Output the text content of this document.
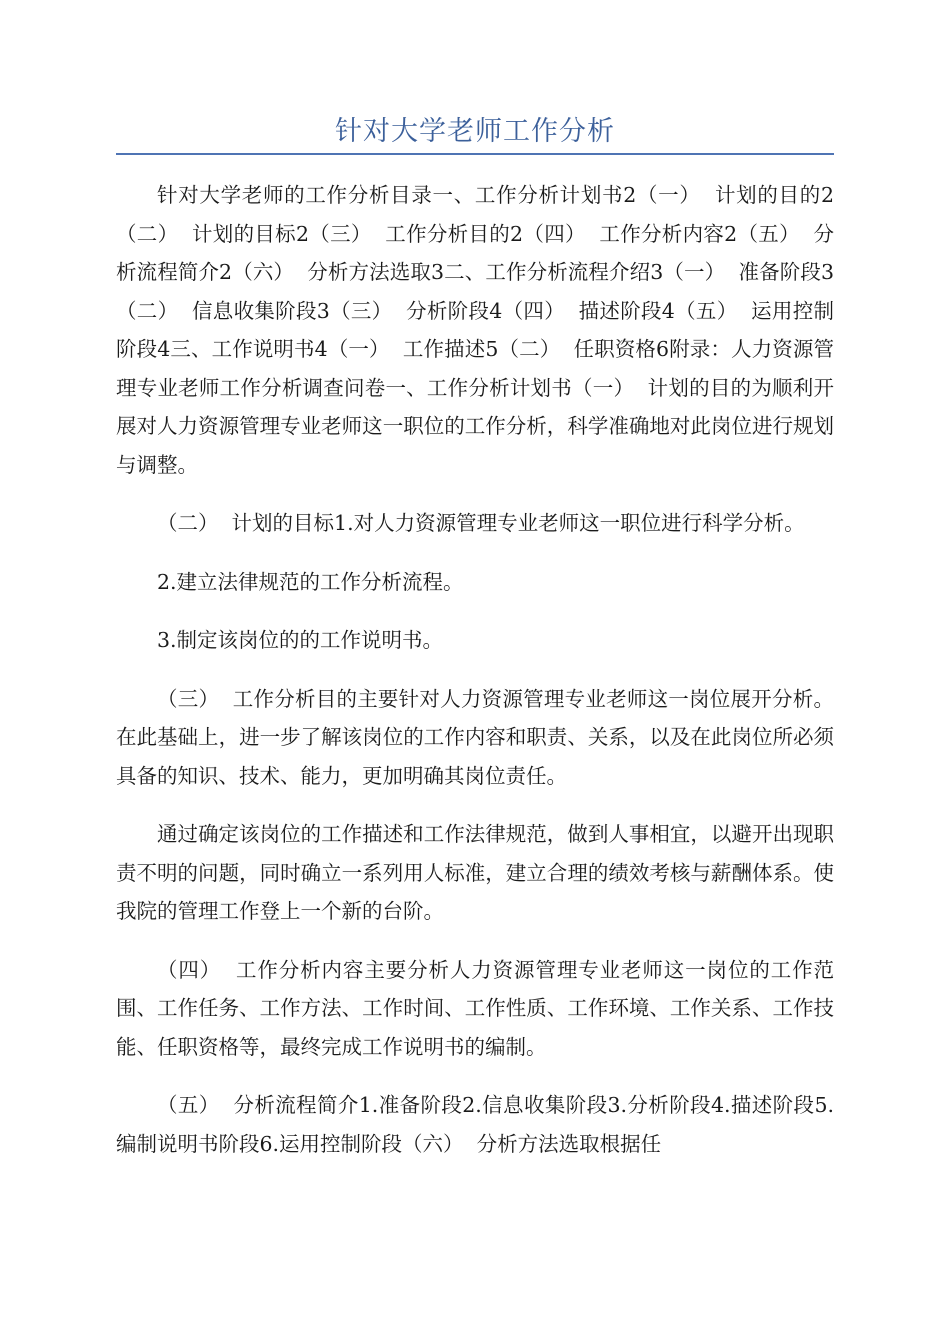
针对大学老师工作分析

针对大学老师的工作分析目录一、工作分析计划书2（一）  计划的目的2（二）  计划的目标2（三）  工作分析目的2（四）  工作分析内容2（五）  分析流程简介2（六）  分析方法选取3二、工作分析流程介绍3（一）  准备阶段3（二）  信息收集阶段3（三）  分析阶段4（四）  描述阶段4（五）  运用控制阶段4三、工作说明书4（一）  工作描述5（二）  任职资格6附录：人力资源管理专业老师工作分析调查问卷一、工作分析计划书（一）  计划的目的为顺利开展对人力资源管理专业老师这一职位的工作分析，科学准确地对此岗位进行规划与调整。

（二）  计划的目标1.对人力资源管理专业老师这一职位进行科学分析。

2.建立法律规范的工作分析流程。

3.制定该岗位的的工作说明书。

（三）  工作分析目的主要针对人力资源管理专业老师这一岗位展开分析。在此基础上，进一步了解该岗位的工作内容和职责、关系，以及在此岗位所必须具备的知识、技术、能力，更加明确其岗位责任。

通过确定该岗位的工作描述和工作法律规范，做到人事相宜，以避开出现职责不明的问题，同时确立一系列用人标准，建立合理的绩效考核与薪酬体系。使我院的管理工作登上一个新的台阶。

（四）  工作分析内容主要分析人力资源管理专业老师这一岗位的工作范围、工作任务、工作方法、工作时间、工作性质、工作环境、工作关系、工作技能、任职资格等，最终完成工作说明书的编制。

（五）  分析流程简介1.准备阶段2.信息收集阶段3.分析阶段4.描述阶段5.编制说明书阶段6.运用控制阶段（六）  分析方法选取根据任
